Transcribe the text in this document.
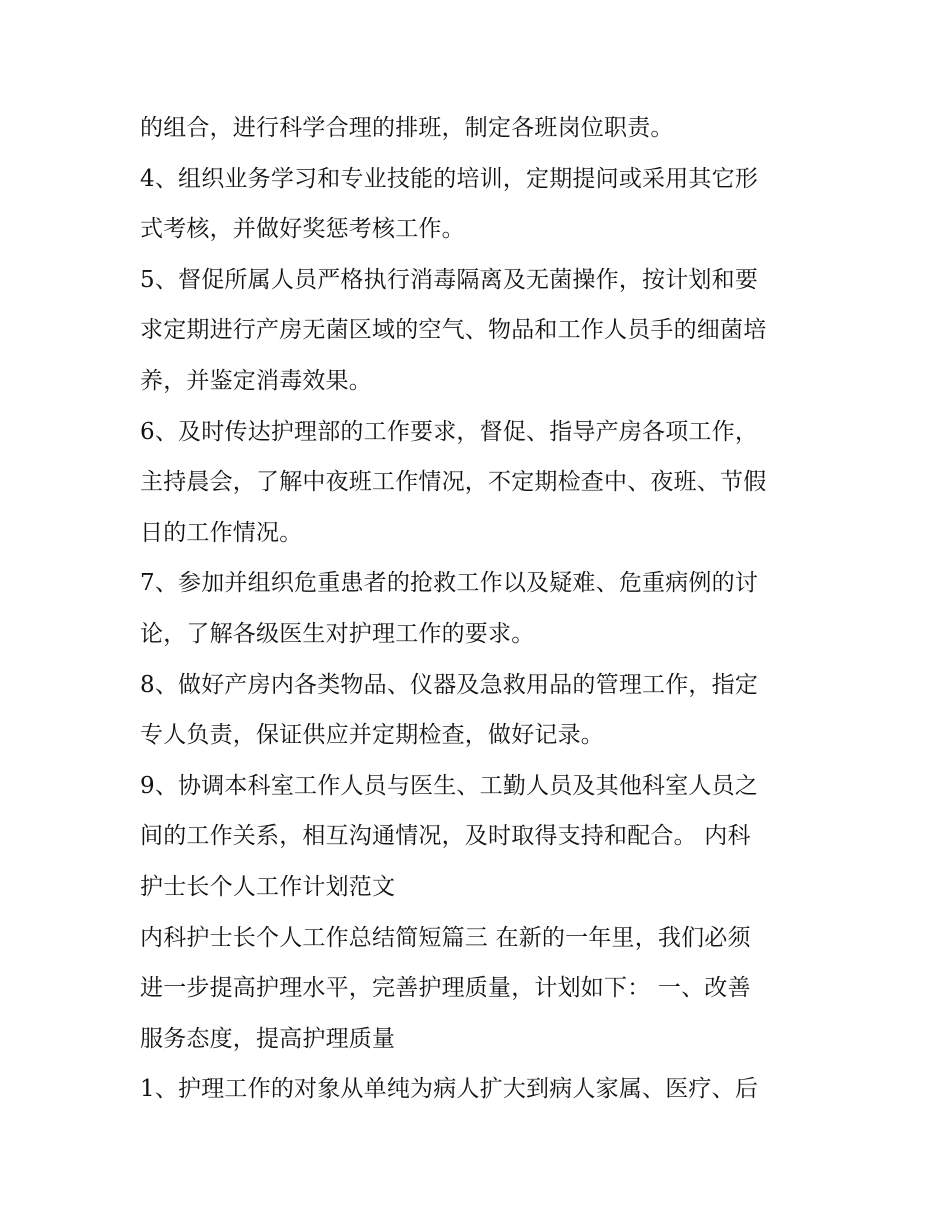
的组合，进行科学合理的排班，制定各班岗位职责。
4、组织业务学习和专业技能的培训，定期提问或采用其它形
式考核，并做好奖惩考核工作。
5、督促所属人员严格执行消毒隔离及无菌操作，按计划和要
求定期进行产房无菌区域的空气、物品和工作人员手的细菌培
养，并鉴定消毒效果。
6、及时传达护理部的工作要求，督促、指导产房各项工作，
主持晨会，了解中夜班工作情况，不定期检查中、夜班、节假
日的工作情况。
7、参加并组织危重患者的抢救工作以及疑难、危重病例的讨
论，了解各级医生对护理工作的要求。
8、做好产房内各类物品、仪器及急救用品的管理工作，指定
专人负责，保证供应并定期检查，做好记录。
9、协调本科室工作人员与医生、工勤人员及其他科室人员之
间的工作关系，相互沟通情况，及时取得支持和配合。 内科
护士长个人工作计划范文
内科护士长个人工作总结简短篇三 在新的一年里，我们必须
进一步提高护理水平，完善护理质量，计划如下： 一、改善
服务态度，提高护理质量
1、护理工作的对象从单纯为病人扩大到病人家属、医疗、后
